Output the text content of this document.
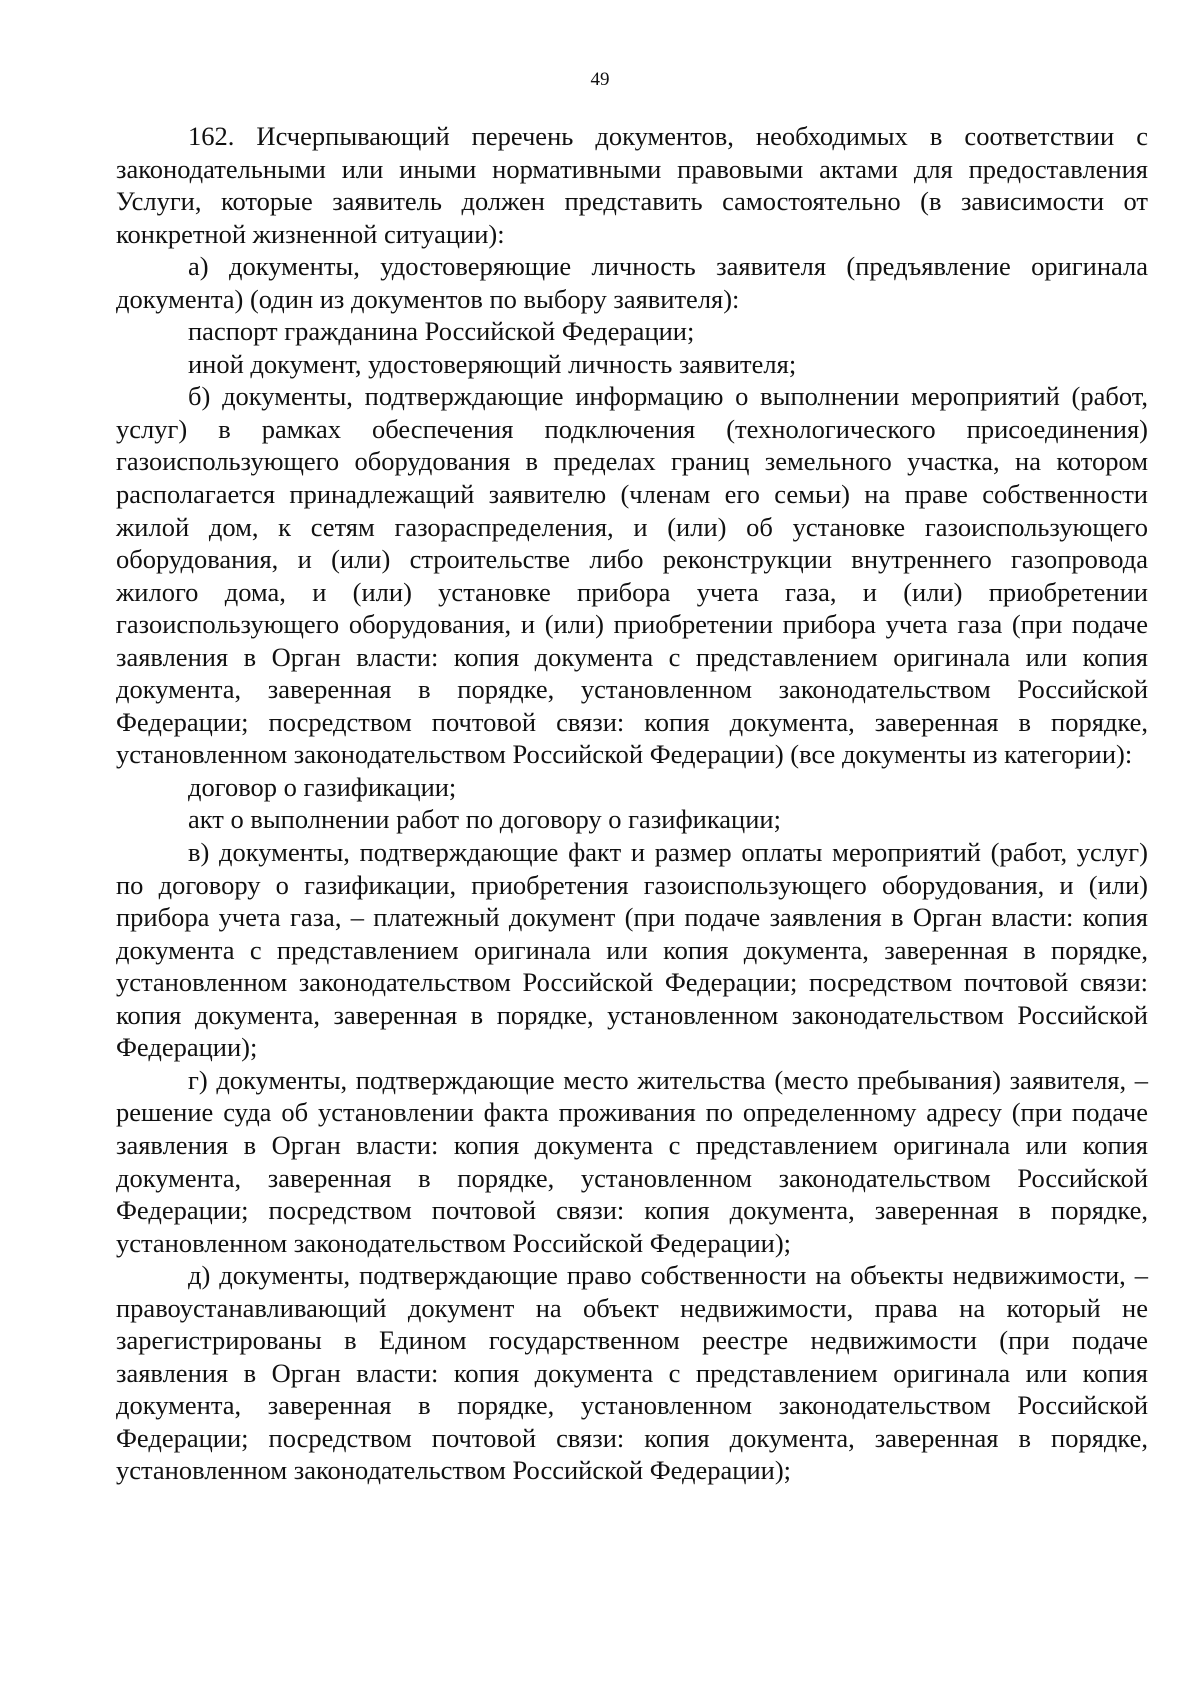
49

162. Исчерпывающий перечень документов, необходимых в соответствии с законодательными или иными нормативными правовыми актами для предоставления Услуги, которые заявитель должен представить самостоятельно (в зависимости от конкретной жизненной ситуации):

а) документы, удостоверяющие личность заявителя (предъявление оригинала документа) (один из документов по выбору заявителя):

паспорт гражданина Российской Федерации;

иной документ, удостоверяющий личность заявителя;

б) документы, подтверждающие информацию о выполнении мероприятий (работ, услуг) в рамках обеспечения подключения (технологического присоединения) газоиспользующего оборудования в пределах границ земельного участка, на котором располагается принадлежащий заявителю (членам его семьи) на праве собственности жилой дом, к сетям газораспределения, и (или) об установке газоиспользующего оборудования, и (или) строительстве либо реконструкции внутреннего газопровода жилого дома, и (или) установке прибора учета газа, и (или) приобретении газоиспользующего оборудования, и (или) приобретении прибора учета газа (при подаче заявления в Орган власти: копия документа с представлением оригинала или копия документа, заверенная в порядке, установленном законодательством Российской Федерации; посредством почтовой связи: копия документа, заверенная в порядке, установленном законодательством Российской Федерации) (все документы из категории):

договор о газификации;

акт о выполнении работ по договору о газификации;

в) документы, подтверждающие факт и размер оплаты мероприятий (работ, услуг) по договору о газификации, приобретения газоиспользующего оборудования, и (или) прибора учета газа, – платежный документ (при подаче заявления в Орган власти: копия документа с представлением оригинала или копия документа, заверенная в порядке, установленном законодательством Российской Федерации; посредством почтовой связи: копия документа, заверенная в порядке, установленном законодательством Российской Федерации);

г) документы, подтверждающие место жительства (место пребывания) заявителя, – решение суда об установлении факта проживания по определенному адресу (при подаче заявления в Орган власти: копия документа с представлением оригинала или копия документа, заверенная в порядке, установленном законодательством Российской Федерации; посредством почтовой связи: копия документа, заверенная в порядке, установленном законодательством Российской Федерации);

д) документы, подтверждающие право собственности на объекты недвижимости, – правоустанавливающий документ на объект недвижимости, права на который не зарегистрированы в Едином государственном реестре недвижимости (при подаче заявления в Орган власти: копия документа с представлением оригинала или копия документа, заверенная в порядке, установленном законодательством Российской Федерации; посредством почтовой связи: копия документа, заверенная в порядке, установленном законодательством Российской Федерации);
